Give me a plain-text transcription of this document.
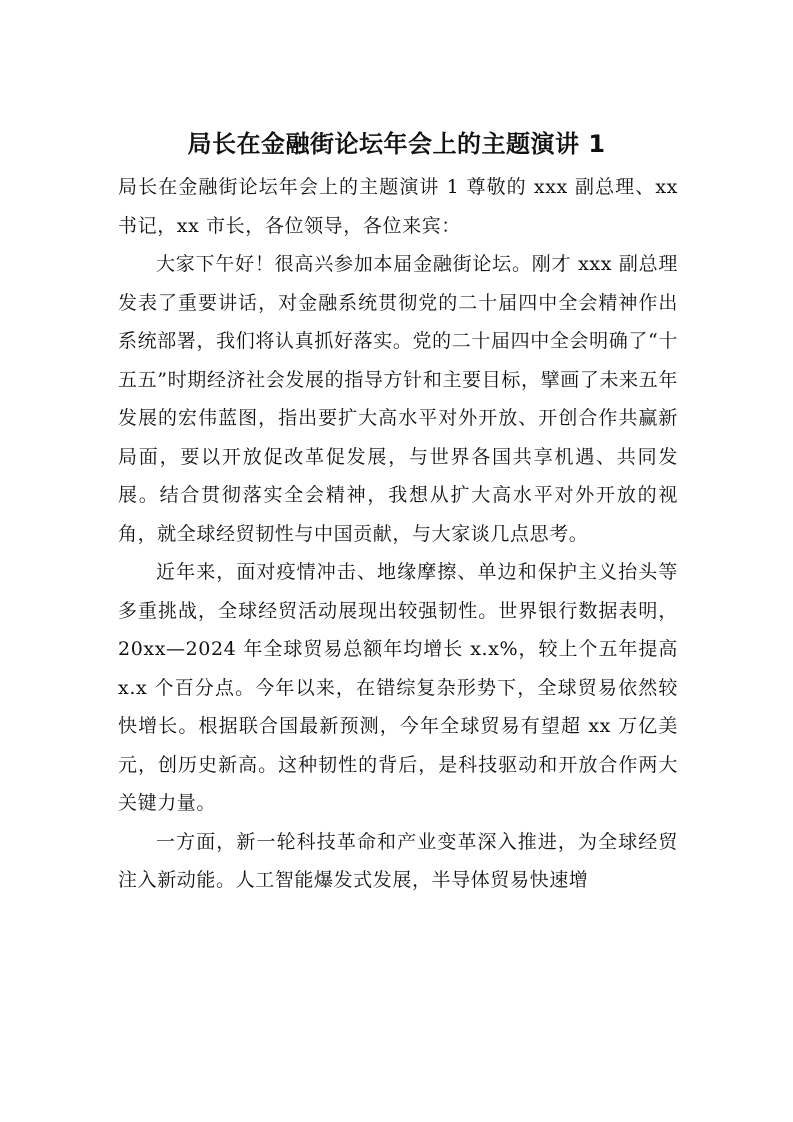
局长在金融街论坛年会上的主题演讲 1

局长在金融街论坛年会上的主题演讲 1 尊敬的 xxx 副总理、xx 书记，xx 市长，各位领导，各位来宾：

大家下午好！很高兴参加本届金融街论坛。刚才 xxx 副总理发表了重要讲话，对金融系统贯彻党的二十届四中全会精神作出系统部署，我们将认真抓好落实。党的二十届四中全会明确了“十五五”时期经济社会发展的指导方针和主要目标，擘画了未来五年发展的宏伟蓝图，指出要扩大高水平对外开放、开创合作共赢新局面，要以开放促改革促发展，与世界各国共享机遇、共同发展。结合贯彻落实全会精神，我想从扩大高水平对外开放的视角，就全球经贸韧性与中国贡献，与大家谈几点思考。

近年来，面对疫情冲击、地缘摩擦、单边和保护主义抬头等多重挑战，全球经贸活动展现出较强韧性。世界银行数据表明，20xx—2024 年全球贸易总额年均增长 x.x%，较上个五年提高 x.x 个百分点。今年以来，在错综复杂形势下，全球贸易依然较快增长。根据联合国最新预测，今年全球贸易有望超 xx 万亿美元，创历史新高。这种韧性的背后，是科技驱动和开放合作两大关键力量。

一方面，新一轮科技革命和产业变革深入推进，为全球经贸注入新动能。人工智能爆发式发展，半导体贸易快速增
